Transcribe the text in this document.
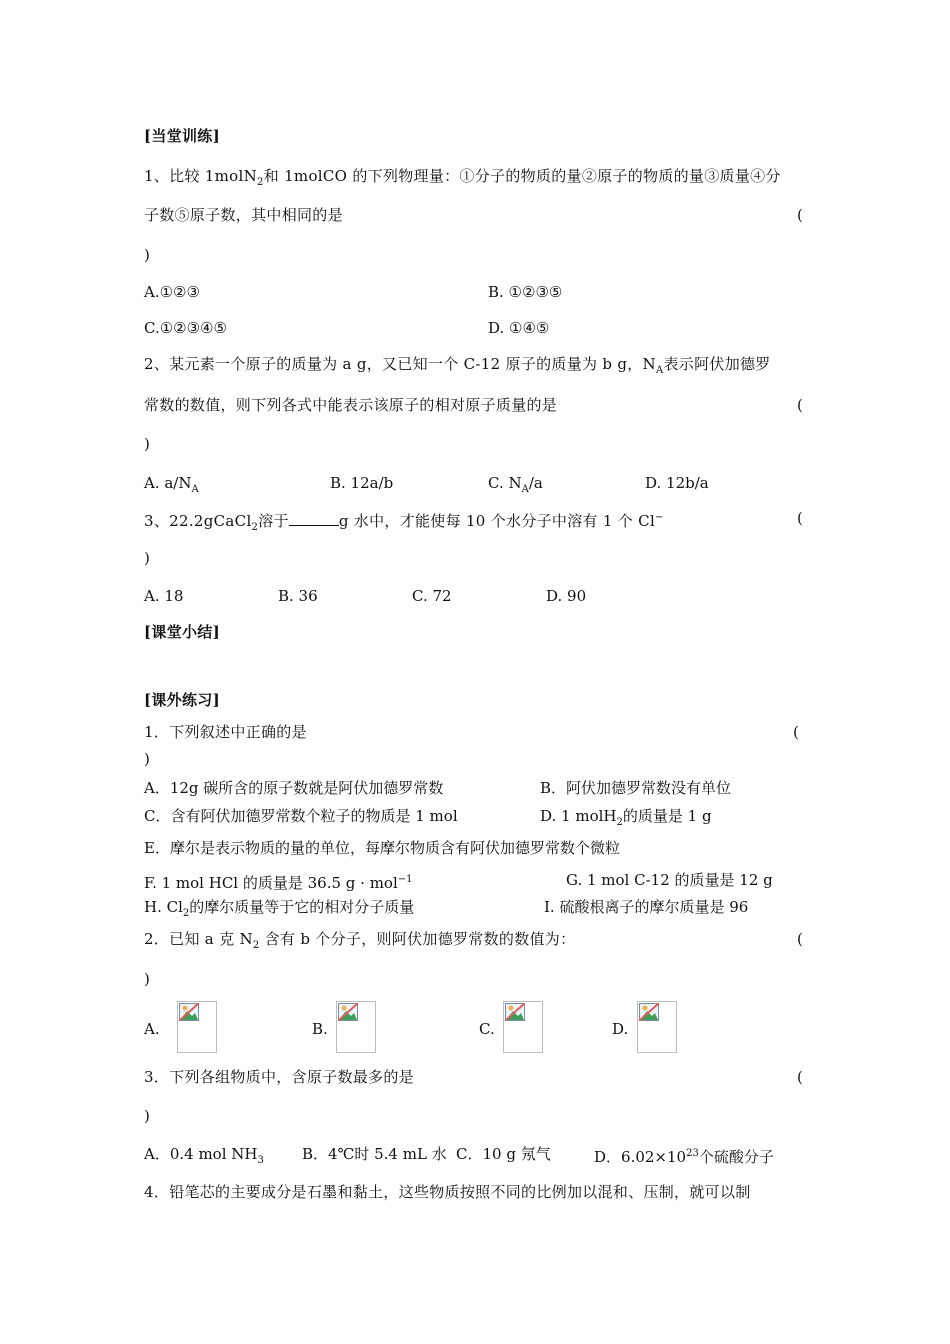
[当堂训练]
1、比较 1molN$_2$和 1molCO 的下列物理量：①分子的物质的量②原子的物质的量③质量④分
子数⑤原子数，其中相同的是	(
)
A.①②③	B. ①②③⑤
C.①②③④⑤	D. ①④⑤
2、某元素一个原子的质量为 a g，又已知一个 C-12 原子的质量为 b g，$N_A$表示阿伏加德罗
常数的数值，则下列各式中能表示该原子的相对原子质量的是	(
)
A. $a/N_A$	B. 12a/b	C. $N_A/a$	D. 12b/a
3、22.2gCaCl$_2$溶于	g 水中，才能使每 10 个水分子中溶有 1 个 Cl−	(
)
A. 18	B. 36	C. 72	D. 90
[课堂小结]
[课外练习]
1．下列叙述中正确的是	(
)
A．12g 碳所含的原子数就是阿伏加德罗常数	B．阿伏加德罗常数没有单位
C．含有阿伏加德罗常数个粒子的物质是 1 mol	D. 1 molH$_2$的质量是 1 g
E．摩尔是表示物质的量的单位，每摩尔物质含有阿伏加德罗常数个微粒
F. 1 mol HCl 的质量是 36.5 g · mol$^{-1}$	G. 1 mol C-12 的质量是 12 g
H. $Cl_2$的摩尔质量等于它的相对分子质量	I. 硫酸根离子的摩尔质量是 96
2．已知 a 克 $N_2$ 含有 b 个分子，则阿伏加德罗常数的数值为：	(
)
A.	B.	C.	D.
3．下列各组物质中，含原子数最多的是	(
)
A．0.4 mol $NH_3$	B．4℃时 5.4 mL 水 C．10 g 氖气	D．$6.02\times 10^{23}$个硫酸分子
4．铅笔芯的主要成分是石墨和黏土，这些物质按照不同的比例加以混和、压制，就可以制
